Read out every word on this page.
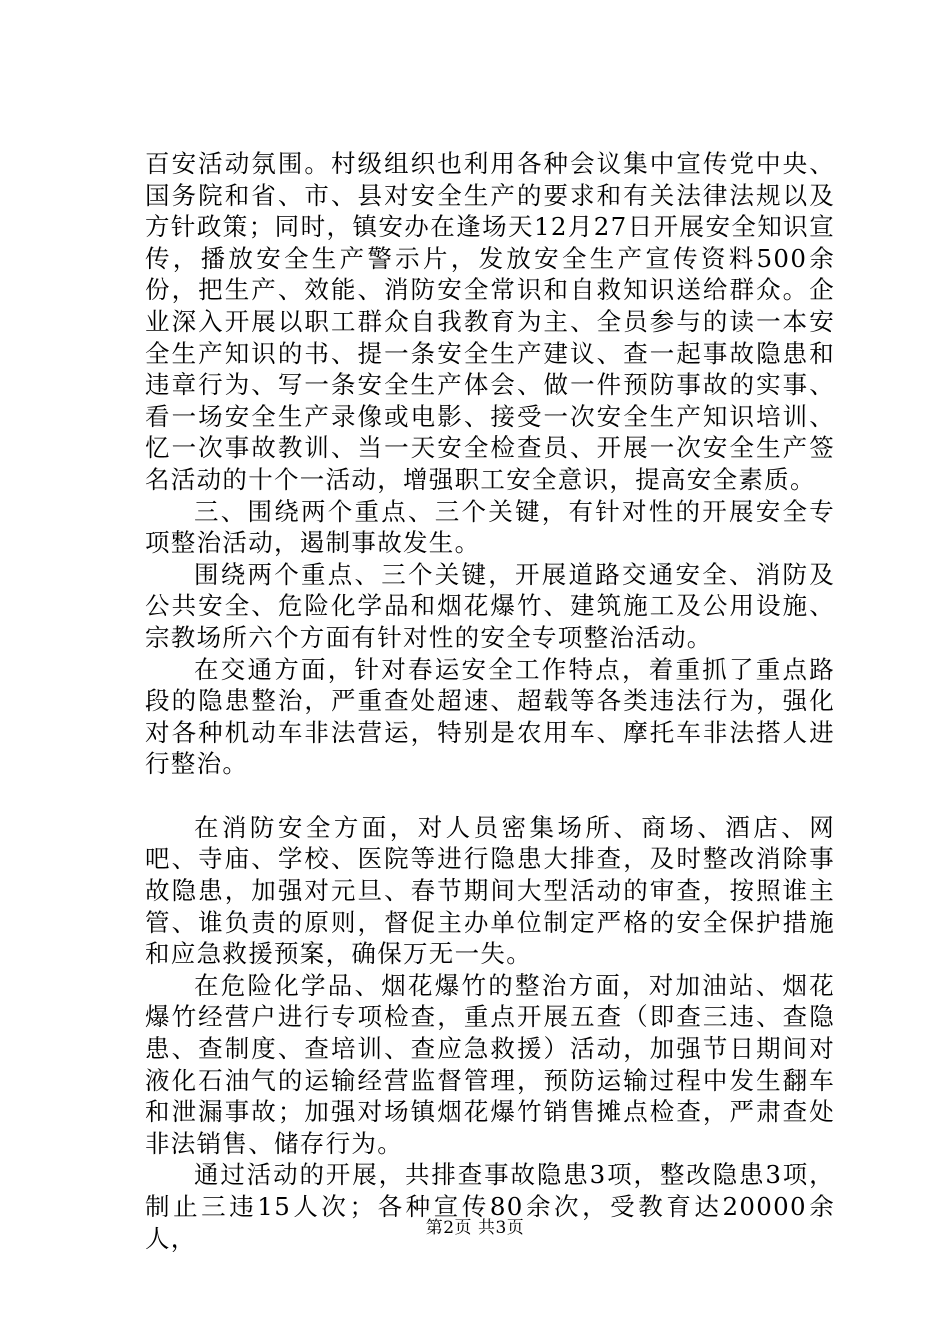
百安活动氛围。村级组织也利用各种会议集中宣传党中央、国务院和省、市、县对安全生产的要求和有关法律法规以及方针政策；同时，镇安办在逢场天12月27日开展安全知识宣传，播放安全生产警示片，发放安全生产宣传资料500余份，把生产、效能、消防安全常识和自救知识送给群众。企业深入开展以职工群众自我教育为主、全员参与的读一本安全生产知识的书、提一条安全生产建议、查一起事故隐患和违章行为、写一条安全生产体会、做一件预防事故的实事、看一场安全生产录像或电影、接受一次安全生产知识培训、忆一次事故教训、当一天安全检查员、开展一次安全生产签名活动的十个一活动，增强职工安全意识，提高安全素质。

三、围绕两个重点、三个关键，有针对性的开展安全专项整治活动，遏制事故发生。

围绕两个重点、三个关键，开展道路交通安全、消防及公共安全、危险化学品和烟花爆竹、建筑施工及公用设施、宗教场所六个方面有针对性的安全专项整治活动。

在交通方面，针对春运安全工作特点，着重抓了重点路段的隐患整治，严重查处超速、超载等各类违法行为，强化对各种机动车非法营运，特别是农用车、摩托车非法搭人进行整治。

在消防安全方面，对人员密集场所、商场、酒店、网吧、寺庙、学校、医院等进行隐患大排查，及时整改消除事故隐患，加强对元旦、春节期间大型活动的审查，按照谁主管、谁负责的原则，督促主办单位制定严格的安全保护措施和应急救援预案，确保万无一失。

在危险化学品、烟花爆竹的整治方面，对加油站、烟花爆竹经营户进行专项检查，重点开展五查（即查三违、查隐患、查制度、查培训、查应急救援）活动，加强节日期间对液化石油气的运输经营监督管理，预防运输过程中发生翻车和泄漏事故；加强对场镇烟花爆竹销售摊点检查，严肃查处非法销售、储存行为。

通过活动的开展，共排查事故隐患3项，整改隐患3项，制止三违15人次；各种宣传80余次，受教育达20000余人，	第2页 共3页
